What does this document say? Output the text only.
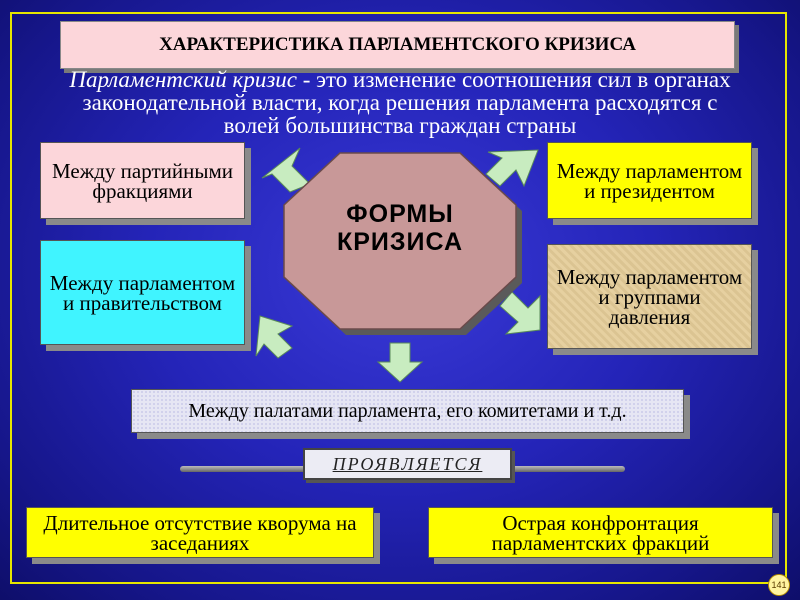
ХАРАКТЕРИСТИКА ПАРЛАМЕНТСКОГО КРИЗИСА
Парламентский кризис - это изменение соотношения сил в органах законодательной власти, когда решения парламента расходятся с волей большинства граждан страны
Между партийными фракциями
Между парламентом и президентом
Между парламентом и правительством
Между парламентом и группами давления
ФОРМЫ
КРИЗИСА
Между палатами парламента, его комитетами и т.д.
ПРОЯВЛЯЕТСЯ
Длительное отсутствие кворума на заседаниях
Острая конфронтация парламентских фракций
141
